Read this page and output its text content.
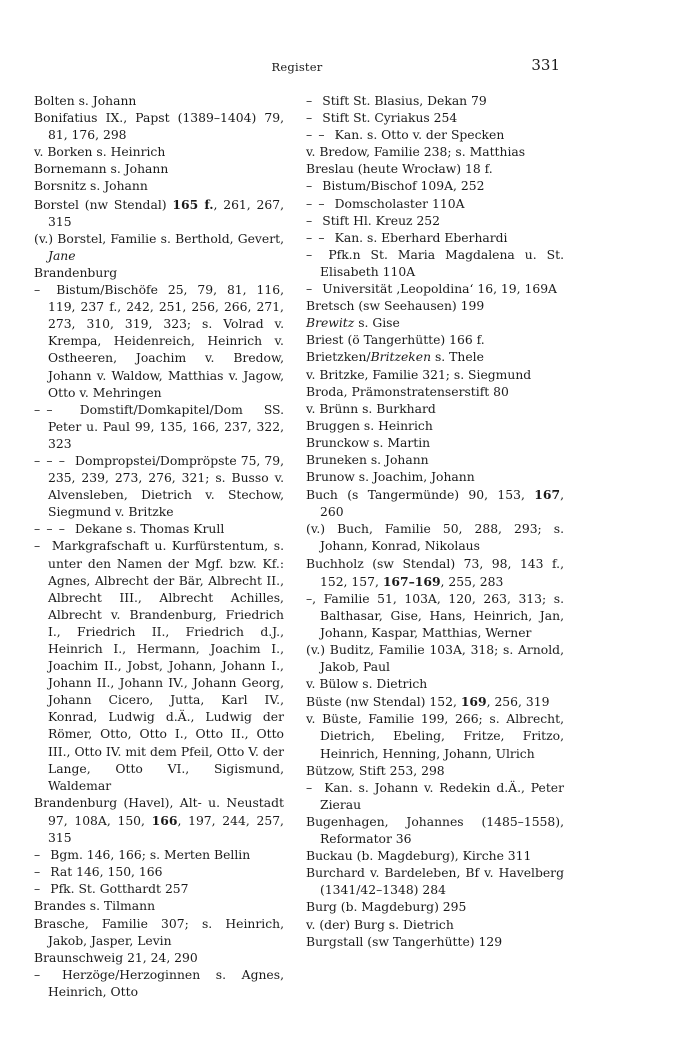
Register	331
Bolten s. Johann
Bonifatius IX., Papst (1389–1404) 79, 81, 176, 298
v. Borken s. Heinrich
Bornemann s. Johann
Borsnitz s. Johann
Borstel (nw Stendal) 165 f., 261, 267, 315
(v.) Borstel, Familie s. Berthold, Gevert, Jane
Brandenburg
–  Bistum/Bischöfe 25, 79, 81, 116, 119, 237 f., 242, 251, 256, 266, 271, 273, 310, 319, 323; s. Volrad v. Krempa, Heidenreich, Heinrich v. Ostheeren, Joachim v. Bredow, Johann v. Waldow, Matthias v. Jagow, Otto v. Mehringen
– –  Domstift/Domkapitel/Dom SS. Peter u. Paul 99, 135, 166, 237, 322, 323
– – –  Dompropstei/Dompröpste 75, 79, 235, 239, 273, 276, 321; s. Busso v. Alvensleben, Dietrich v. Stechow, Siegmund v. Britzke
– – –  Dekane s. Thomas Krull
–  Markgrafschaft u. Kurfürstentum, s. unter den Namen der Mgf. bzw. Kf.: Agnes, Albrecht der Bär, Albrecht II., Albrecht III., Albrecht Achilles, Albrecht v. Brandenburg, Friedrich I., Friedrich II., Friedrich d.J., Heinrich I., Hermann, Joachim I., Joachim II., Jobst, Johann, Johann I., Johann II., Johann IV., Johann Georg, Johann Cicero, Jutta, Karl IV., Konrad, Ludwig d.Ä., Ludwig der Römer, Otto, Otto I., Otto II., Otto III., Otto IV. mit dem Pfeil, Otto V. der Lange, Otto VI., Sigismund, Waldemar
Brandenburg (Havel), Alt- u. Neustadt 97, 108A, 150, 166, 197, 244, 257, 315
–  Bgm. 146, 166; s. Merten Bellin
–  Rat 146, 150, 166
–  Pfk. St. Gotthardt 257
Brandes s. Tilmann
Brasche, Familie 307; s. Heinrich, Jakob, Jasper, Levin
Braunschweig 21, 24, 290
–  Herzöge/Herzoginnen s. Agnes, Heinrich, Otto
–  Stift St. Blasius, Dekan 79
–  Stift St. Cyriakus 254
– –  Kan. s. Otto v. der Specken
v. Bredow, Familie 238; s. Matthias
Breslau (heute Wrocław) 18 f.
–  Bistum/Bischof 109A, 252
– –  Domscholaster 110A
–  Stift Hl. Kreuz 252
– –  Kan. s. Eberhard Eberhardi
–  Pfk.n St. Maria Magdalena u. St. Elisabeth 110A
–  Universität ‚Leopoldina‘ 16, 19, 169A
Bretsch (sw Seehausen) 199
Brewitz s. Gise
Briest (ö Tangerhütte) 166 f.
Brietzken/Britzeken s. Thele
v. Britzke, Familie 321; s. Siegmund
Broda, Prämonstratenserstift 80
v. Brünn s. Burkhard
Bruggen s. Heinrich
Brunckow s. Martin
Bruneken s. Johann
Brunow s. Joachim, Johann
Buch (s Tangermünde) 90, 153, 167, 260
(v.) Buch, Familie 50, 288, 293; s. Johann, Konrad, Nikolaus
Buchholz (sw Stendal) 73, 98, 143 f., 152, 157, 167–169, 255, 283
–, Familie 51, 103A, 120, 263, 313; s. Balthasar, Gise, Hans, Heinrich, Jan, Johann, Kaspar, Matthias, Werner
(v.) Buditz, Familie 103A, 318; s. Arnold, Jakob, Paul
v. Bülow s. Dietrich
Büste (nw Stendal) 152, 169, 256, 319
v. Büste, Familie 199, 266; s. Albrecht, Dietrich, Ebeling, Fritze, Fritzo, Heinrich, Henning, Johann, Ulrich
Bützow, Stift 253, 298
–  Kan. s. Johann v. Redekin d.Ä., Peter Zierau
Bugenhagen, Johannes (1485–1558), Reformator 36
Buckau (b. Magdeburg), Kirche 311
Burchard v. Bardeleben, Bf v. Havelberg (1341/42–1348) 284
Burg (b. Magdeburg) 295
v. (der) Burg s. Dietrich
Burgstall (sw Tangerhütte) 129
